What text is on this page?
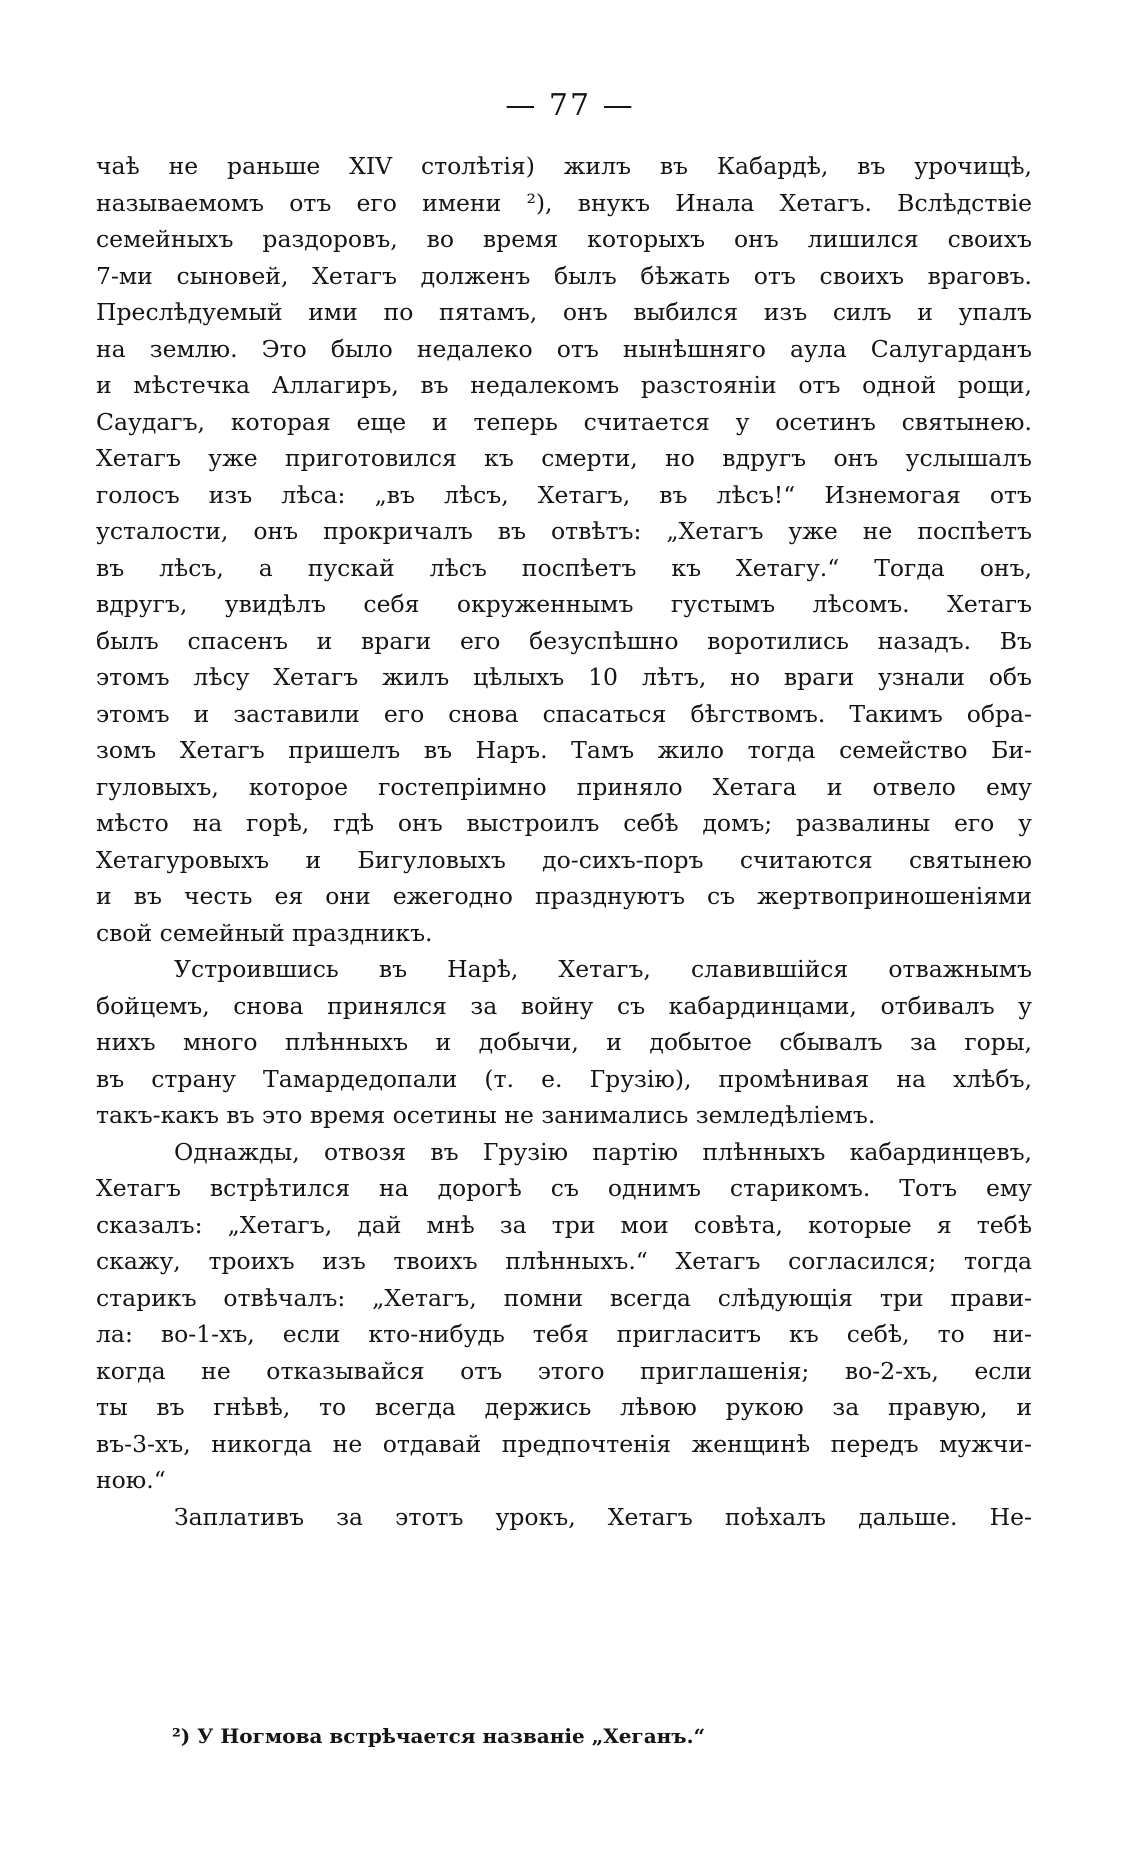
— 77 —
чаѣ не раньше XIV столѣтія) жилъ въ Кабардѣ, въ урочищѣ,
называемомъ отъ его имени ²), внукъ Инала Хетагъ. Вслѣдствіе
семейныхъ раздоровъ, во время которыхъ онъ лишился своихъ
7-ми сыновей, Хетагъ долженъ былъ бѣжать отъ своихъ враговъ.
Преслѣдуемый ими по пятамъ, онъ выбился изъ силъ и упалъ
на землю. Это было недалеко отъ нынѣшняго аула Салугарданъ
и мѣстечка Аллагиръ, въ недалекомъ разстояніи отъ одной рощи,
Саудагъ, которая еще и теперь считается у осетинъ святынею.
Хетагъ уже приготовился къ смерти, но вдругъ онъ услышалъ
голосъ изъ лѣса: „въ лѣсъ, Хетагъ, въ лѣсъ!“ Изнемогая отъ
усталости, онъ прокричалъ въ отвѣтъ: „Хетагъ уже не поспѣетъ
въ лѣсъ, а пускай лѣсъ поспѣетъ къ Хетагу.“ Тогда онъ,
вдругъ, увидѣлъ себя окруженнымъ густымъ лѣсомъ. Хетагъ
былъ спасенъ и враги его безуспѣшно воротились назадъ. Въ
этомъ лѣсу Хетагъ жилъ цѣлыхъ 10 лѣтъ, но враги узнали объ
этомъ и заставили его снова спасаться бѣгствомъ. Такимъ обра-
зомъ Хетагъ пришелъ въ Наръ. Тамъ жило тогда семейство Би-
гуловыхъ, которое гостепріимно приняло Хетага и отвело ему
мѣсто на горѣ, гдѣ онъ выстроилъ себѣ домъ; развалины его у
Хетагуровыхъ и Бигуловыхъ до-сихъ-поръ считаются святынею
и въ честь ея они ежегодно празднуютъ съ жертвоприношеніями
свой семейный праздникъ.
Устроившись въ Нарѣ, Хетагъ, славившійся отважнымъ
бойцемъ, снова принялся за войну съ кабардинцами, отбивалъ у
нихъ много плѣнныхъ и добычи, и добытое сбывалъ за горы,
въ страну Тамардедопали (т. е. Грузію), промѣнивая на хлѣбъ,
такъ-какъ въ это время осетины не занимались земледѣліемъ.
Однажды, отвозя въ Грузію партію плѣнныхъ кабардинцевъ,
Хетагъ встрѣтился на дорогѣ съ однимъ старикомъ. Тотъ ему
сказалъ: „Хетагъ, дай мнѣ за три мои совѣта, которые я тебѣ
скажу, троихъ изъ твоихъ плѣнныхъ.“ Хетагъ согласился; тогда
старикъ отвѣчалъ: „Хетагъ, помни всегда слѣдующія три прави-
ла: во-1-хъ, если кто-нибудь тебя пригласитъ къ себѣ, то ни-
когда не отказывайся отъ этого приглашенія; во-2-хъ, если
ты въ гнѣвѣ, то всегда держись лѣвою рукою за правую, и
въ-3-хъ, никогда не отдавай предпочтенія женщинѣ передъ мужчи-
ною.“
Заплативъ за этотъ урокъ, Хетагъ поѣхалъ дальше. Не-
²) У Ногмова встрѣчается названіе „Хеганъ.“
